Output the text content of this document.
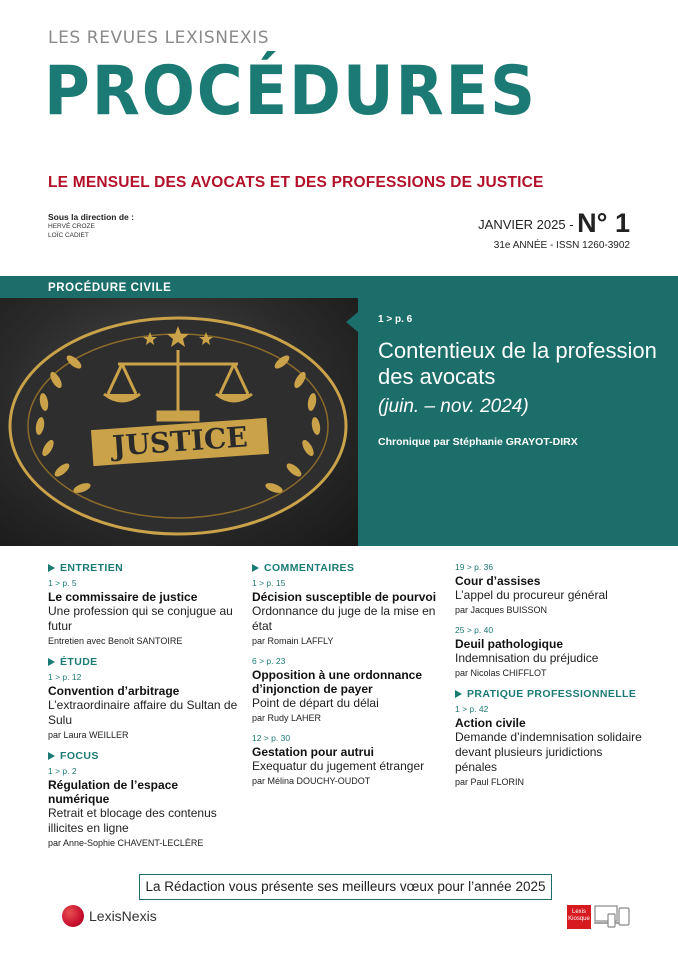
LES REVUES LEXISNEXIS
PROCÉDURES
LE MENSUEL DES AVOCATS ET DES PROFESSIONS DE JUSTICE
Sous la direction de :
HERVÉ CROZE
LOÏC CADIET
JANVIER 2025 - N° 1
31e ANNÉE - ISSN 1260-3902
PROCÉDURE CIVILE
JUSTICE
1 > p. 6
Contentieux de la profession des avocats
(juin. – nov. 2024)
Chronique par Stéphanie GRAYOT-DIRX
ENTRETIEN
1 > p. 5
Le commissaire de justice
Une profession qui se conjugue au futur
Entretien avec Benoît SANTOIRE
ÉTUDE
1 > p. 12
Convention d’arbitrage
L’extraordinaire affaire du Sultan de Sulu
par Laura WEILLER
FOCUS
1 > p. 2
Régulation de l’espace numérique
Retrait et blocage des contenus illicites en ligne
par Anne-Sophie CHAVENT-LECLÈRE
COMMENTAIRES
1 > p. 15
Décision susceptible de pourvoi
Ordonnance du juge de la mise en état
par Romain LAFFLY
6 > p. 23
Opposition à une ordonnance d’injonction de payer
Point de départ du délai
par Rudy LAHER
12 > p. 30
Gestation pour autrui
Exequatur du jugement étranger
par Mélina DOUCHY-OUDOT
19 > p. 36
Cour d’assises
L’appel du procureur général
par Jacques BUISSON
25 > p. 40
Deuil pathologique
Indemnisation du préjudice
par Nicolas CHIFFLOT
PRATIQUE PROFESSIONNELLE
1 > p. 42
Action civile
Demande d’indemnisation solidaire devant plusieurs juridictions pénales
par Paul FLORIN
La Rédaction vous présente ses meilleurs vœux pour l’année 2025
LexisNexis	Lexis Kiosque
